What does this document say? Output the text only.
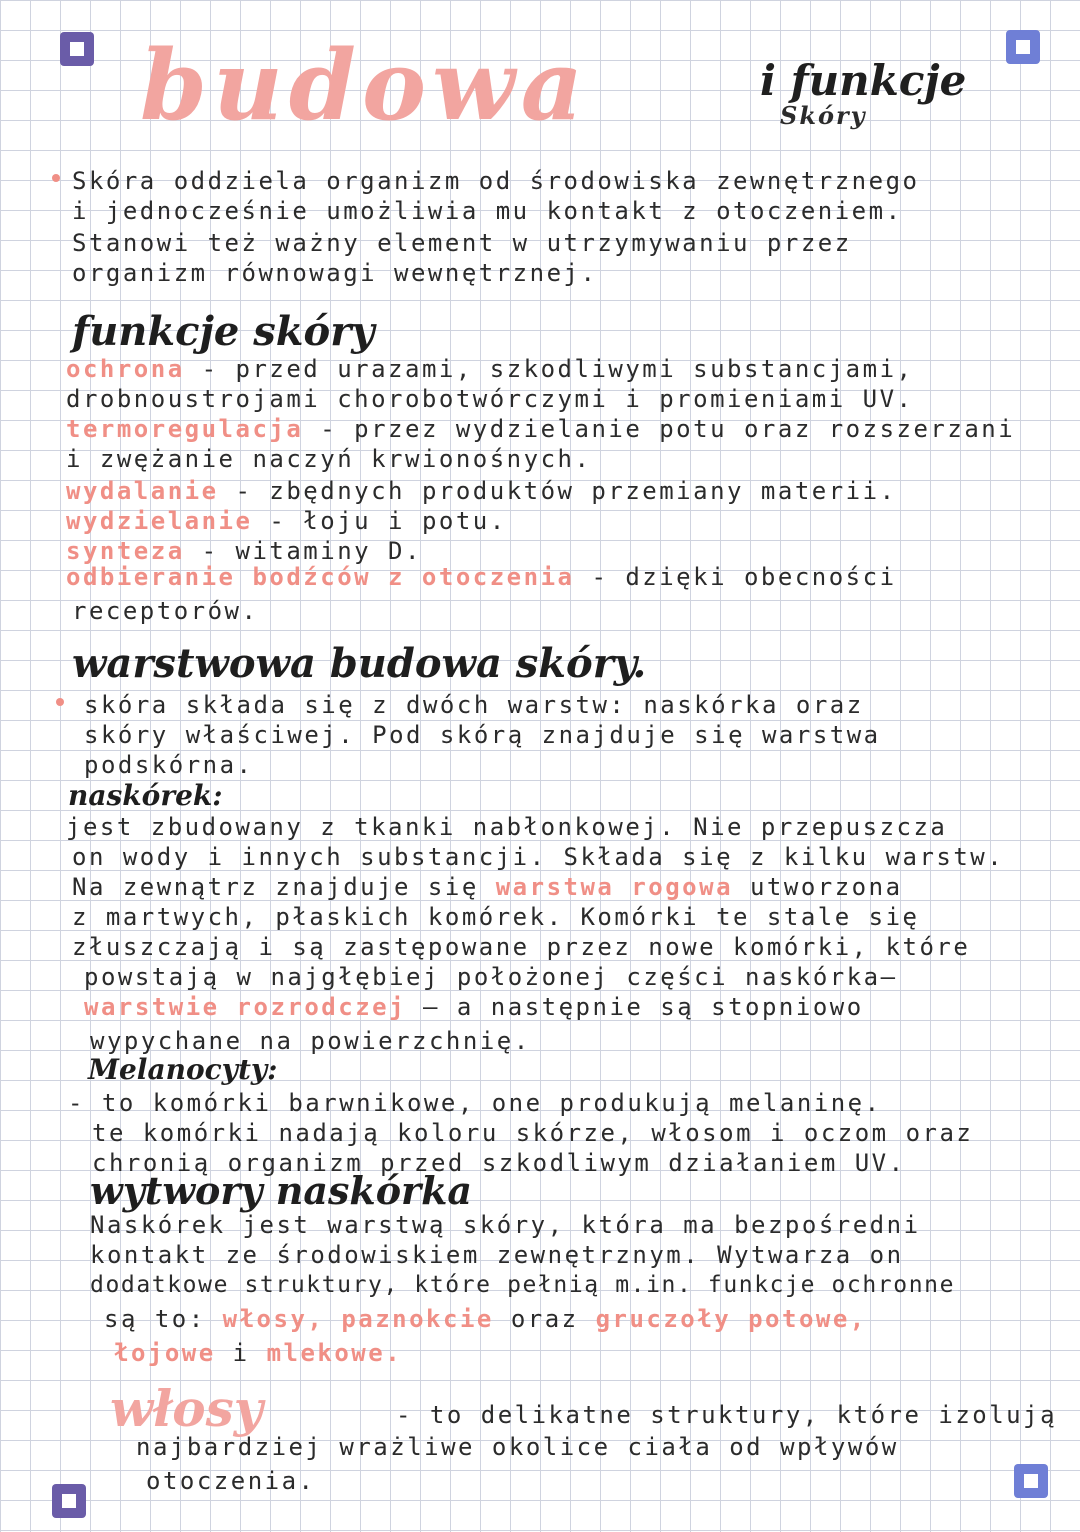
budowa	i funkcje
Skóry
Skóra oddziela organizm od środowiska zewnętrznego
i jednocześnie umożliwia mu kontakt z otoczeniem.
Stanowi też ważny element w utrzymywaniu przez
organizm równowagi wewnętrznej.
funkcje skóry
ochrona - przed urazami, szkodliwymi substancjami,
drobnoustrojami chorobotwórczymi i promieniami UV.
termoregulacja - przez wydzielanie potu oraz rozszerzani
i zwężanie naczyń krwionośnych.
wydalanie - zbędnych produktów przemiany materii.
wydzielanie - łoju i potu.
synteza - witaminy D.
odbieranie bodźców z otoczenia - dzięki obecności
receptorów.
warstwowa budowa skóry.
skóra składa się z dwóch warstw: naskórka oraz
skóry właściwej. Pod skórą znajduje się warstwa
podskórna.
naskórek:
jest zbudowany z tkanki nabłonkowej. Nie przepuszcza
on wody i innych substancji. Składa się z kilku warstw.
Na zewnątrz znajduje się warstwa rogowa utworzona
z martwych, płaskich komórek. Komórki te stale się
złuszczają i są zastępowane przez nowe komórki, które
powstają w najgłębiej położonej części naskórka—
warstwie rozrodczej — a następnie są stopniowo
wypychane na powierzchnię.
Melanocyty:
- to komórki barwnikowe, one produkują melaninę.
te komórki nadają koloru skórze, włosom i oczom oraz
chronią organizm przed szkodliwym działaniem UV.
wytwory naskórka
Naskórek jest warstwą skóry, która ma bezpośredni
kontakt ze środowiskiem zewnętrznym. Wytwarza on
dodatkowe struktury, które pełnią m.in. funkcje ochronne
są to: włosy, paznokcie oraz gruczoły potowe,
łojowe i mlekowe.
włosy	- to delikatne struktury, które izolują
najbardziej wrażliwe okolice ciała od wpływów
otoczenia.
